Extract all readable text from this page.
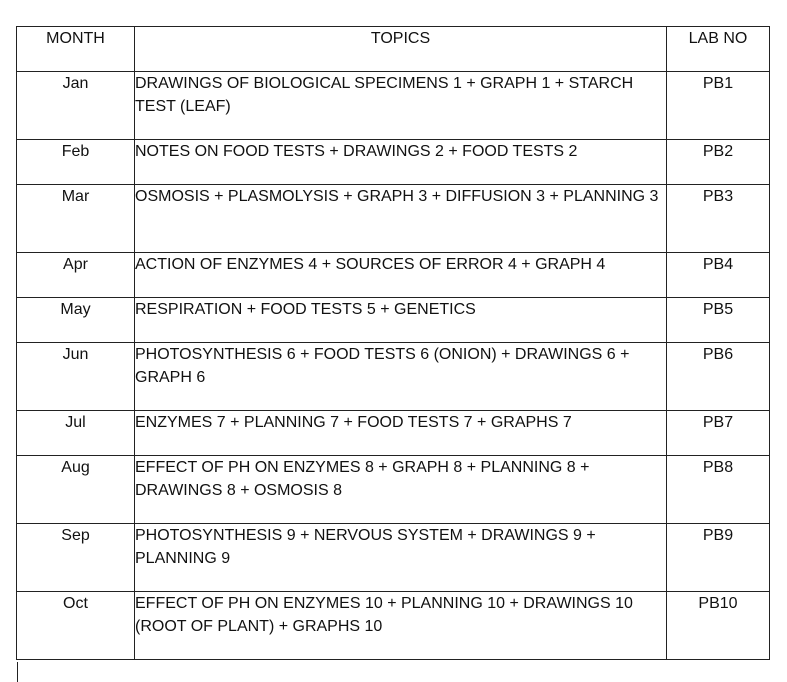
MONTH	TOPICS	LAB NO

Jan	DRAWINGS OF BIOLOGICAL SPECIMENS 1 + GRAPH 1 + STARCH TEST (LEAF)	PB1

Feb	NOTES ON FOOD TESTS + DRAWINGS 2 + FOOD TESTS 2	PB2

Mar	OSMOSIS + PLASMOLYSIS + GRAPH 3 + DIFFUSION 3 + PLANNING 3	PB3

Apr	ACTION OF ENZYMES 4 + SOURCES OF ERROR 4 + GRAPH 4	PB4

May	RESPIRATION + FOOD TESTS 5 + GENETICS	PB5

Jun	PHOTOSYNTHESIS 6 + FOOD TESTS 6 (ONION) + DRAWINGS 6 + GRAPH 6	PB6

Jul	ENZYMES 7 + PLANNING 7 + FOOD TESTS 7 + GRAPHS 7	PB7

Aug	EFFECT OF PH ON ENZYMES 8 + GRAPH 8 + PLANNING 8 + DRAWINGS 8 + OSMOSIS 8	PB8

Sep	PHOTOSYNTHESIS 9 + NERVOUS SYSTEM + DRAWINGS 9 + PLANNING 9	PB9

Oct	EFFECT OF PH ON ENZYMES 10 + PLANNING 10 + DRAWINGS 10 (ROOT OF PLANT) + GRAPHS 10	PB10
